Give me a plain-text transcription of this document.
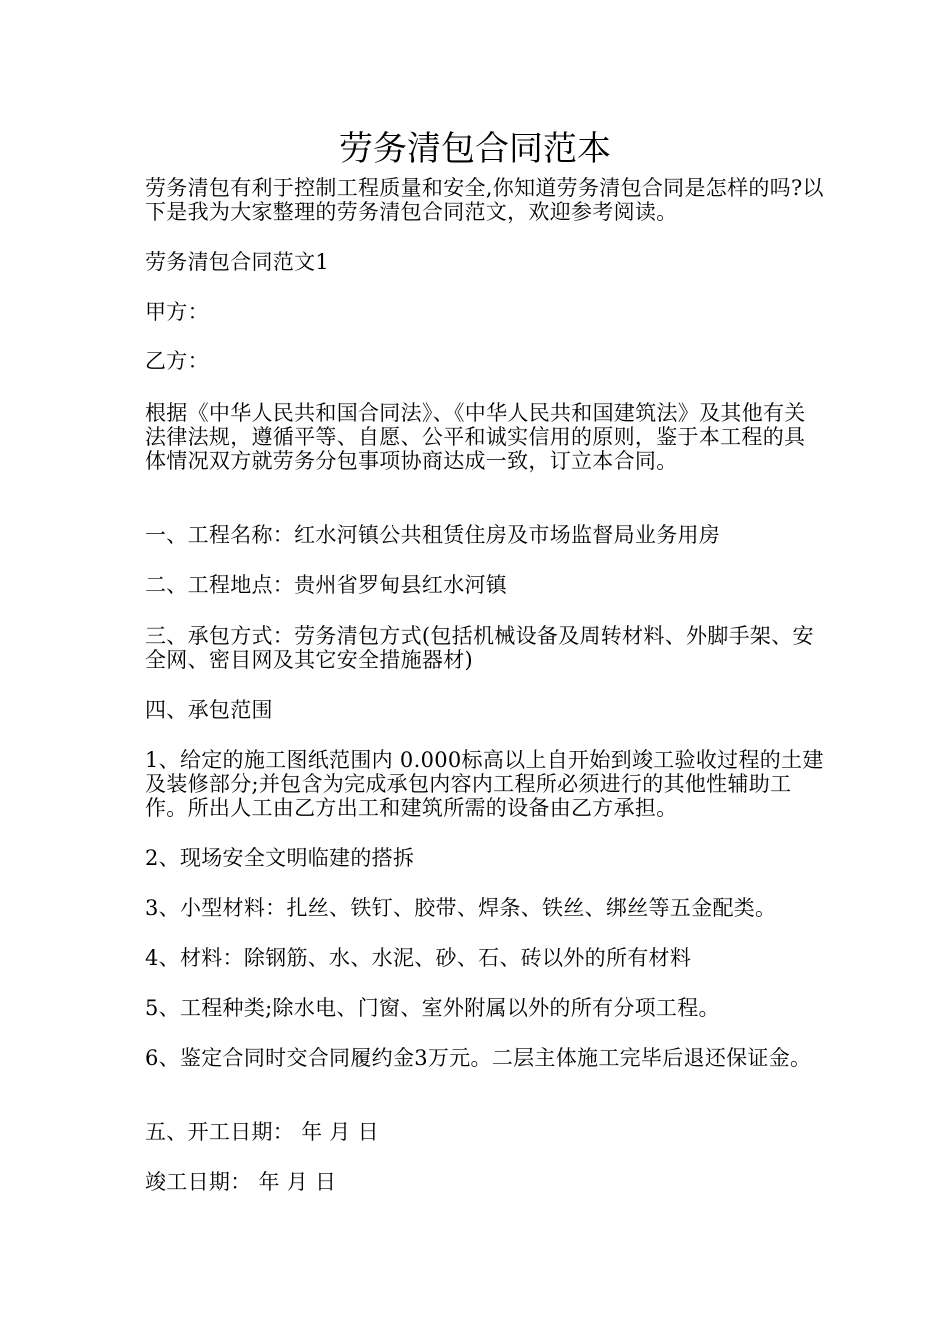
劳务清包合同范本
劳务清包有利于控制工程质量和安全,你知道劳务清包合同是怎样的吗?以下是我为大家整理的劳务清包合同范文，欢迎参考阅读。
劳务清包合同范文1
甲方：
乙方：
根据《中华人民共和国合同法》、《中华人民共和国建筑法》及其他有关法律法规，遵循平等、自愿、公平和诚实信用的原则，鉴于本工程的具体情况双方就劳务分包事项协商达成一致，订立本合同。
一、工程名称：红水河镇公共租赁住房及市场监督局业务用房
二、工程地点：贵州省罗甸县红水河镇
三、承包方式：劳务清包方式(包括机械设备及周转材料、外脚手架、安全网、密目网及其它安全措施器材)
四、承包范围
1、给定的施工图纸范围内 0.000标高以上自开始到竣工验收过程的土建及装修部分;并包含为完成承包内容内工程所必须进行的其他性辅助工作。所出人工由乙方出工和建筑所需的设备由乙方承担。
2、现场安全文明临建的搭拆
3、小型材料：扎丝、铁钉、胶带、焊条、铁丝、绑丝等五金配类。
4、材料：除钢筋、水、水泥、砂、石、砖以外的所有材料
5、工程种类;除水电、门窗、室外附属以外的所有分项工程。
6、鉴定合同时交合同履约金3万元。二层主体施工完毕后退还保证金。
五、开工日期： 年 月 日
竣工日期： 年 月 日
